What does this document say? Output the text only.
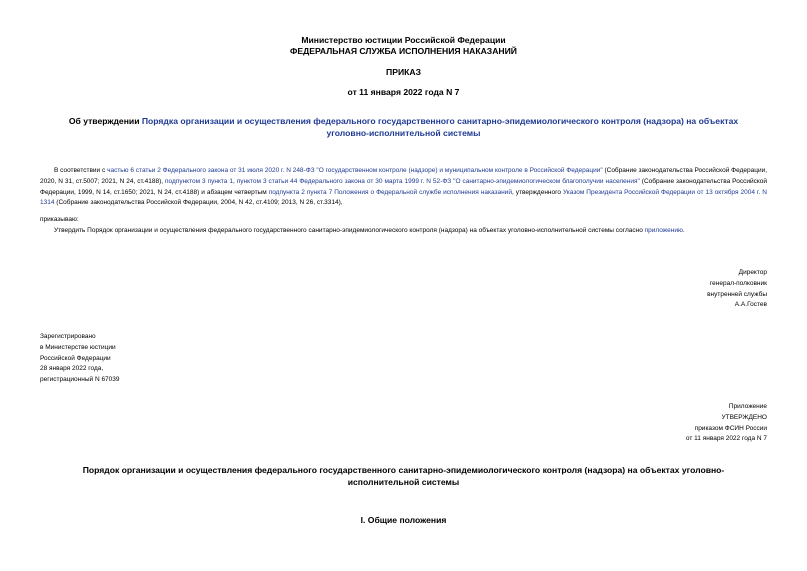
Министерство юстиции Российской Федерации
ФЕДЕРАЛЬНАЯ СЛУЖБА ИСПОЛНЕНИЯ НАКАЗАНИЙ
ПРИКАЗ
от 11 января 2022 года N 7
Об утверждении Порядка организации и осуществления федерального государственного санитарно-эпидемиологического контроля (надзора) на объектах
уголовно-исполнительной системы
В соответствии с частью 6 статьи 2 Федерального закона от 31 июля 2020 г. N 248-ФЗ "О государственном контроле (надзоре) и муниципальном контроле в Российской Федерации" (Собрание законодательства Российской Федерации, 2020, N 31, ст.5007; 2021, N 24, ст.4188), подпунктом 3 пункта 1, пунктом 3 статьи 44 Федерального закона от 30 марта 1999 г. N 52-ФЗ "О санитарно-эпидемиологическом благополучии населения" (Собрание законодательства Российской Федерации, 1999, N 14, ст.1650; 2021, N 24, ст.4188) и абзацем четвертым подпункта 2 пункта 7 Положения о Федеральной службе исполнения наказаний, утвержденного Указом Президента Российской Федерации от 13 октября 2004 г. N 1314 (Собрание законодательства Российской Федерации, 2004, N 42, ст.4109; 2013, N 26, ст.3314),
приказываю:
Утвердить Порядок организации и осуществления федерального государственного санитарно-эпидемиологического контроля (надзора) на объектах уголовно-исполнительной системы согласно приложению.
Директор
генерал-полковник
внутренней службы
А.А.Гостев
Зарегистрировано
в Министерстве юстиции
Российской Федерации
28 января 2022 года,
регистрационный N 67039
Приложение
УТВЕРЖДЕНО
приказом ФСИН России
от 11 января 2022 года N 7
Порядок организации и осуществления федерального государственного санитарно-эпидемиологического контроля (надзора) на объектах уголовно-
исполнительной системы
I. Общие положения
